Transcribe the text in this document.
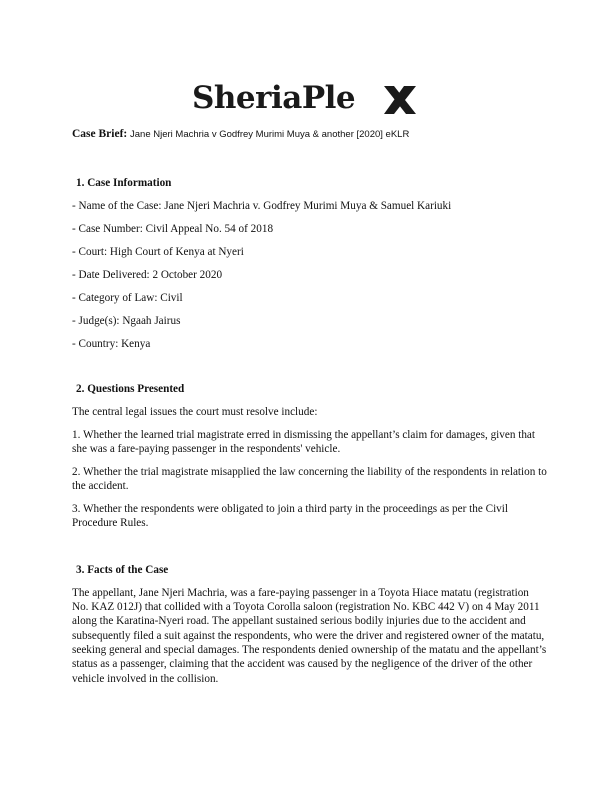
SheriaPle
Case Brief: Jane Njeri Machria v Godfrey Murimi Muya & another [2020] eKLR
1. Case Information
- Name of the Case: Jane Njeri Machria v. Godfrey Murimi Muya & Samuel Kariuki
- Case Number: Civil Appeal No. 54 of 2018
- Court: High Court of Kenya at Nyeri
- Date Delivered: 2 October 2020
- Category of Law: Civil
- Judge(s): Ngaah Jairus
- Country: Kenya
2. Questions Presented
The central legal issues the court must resolve include:
1. Whether the learned trial magistrate erred in dismissing the appellant’s claim for damages, given that she was a fare-paying passenger in the respondents' vehicle.
2. Whether the trial magistrate misapplied the law concerning the liability of the respondents in relation to the accident.
3. Whether the respondents were obligated to join a third party in the proceedings as per the Civil Procedure Rules.
3. Facts of the Case
The appellant, Jane Njeri Machria, was a fare-paying passenger in a Toyota Hiace matatu (registration No. KAZ 012J) that collided with a Toyota Corolla saloon (registration No. KBC 442 V) on 4 May 2011 along the Karatina-Nyeri road. The appellant sustained serious bodily injuries due to the accident and subsequently filed a suit against the respondents, who were the driver and registered owner of the matatu, seeking general and special damages. The respondents denied ownership of the matatu and the appellant’s status as a passenger, claiming that the accident was caused by the negligence of the driver of the other vehicle involved in the collision.
